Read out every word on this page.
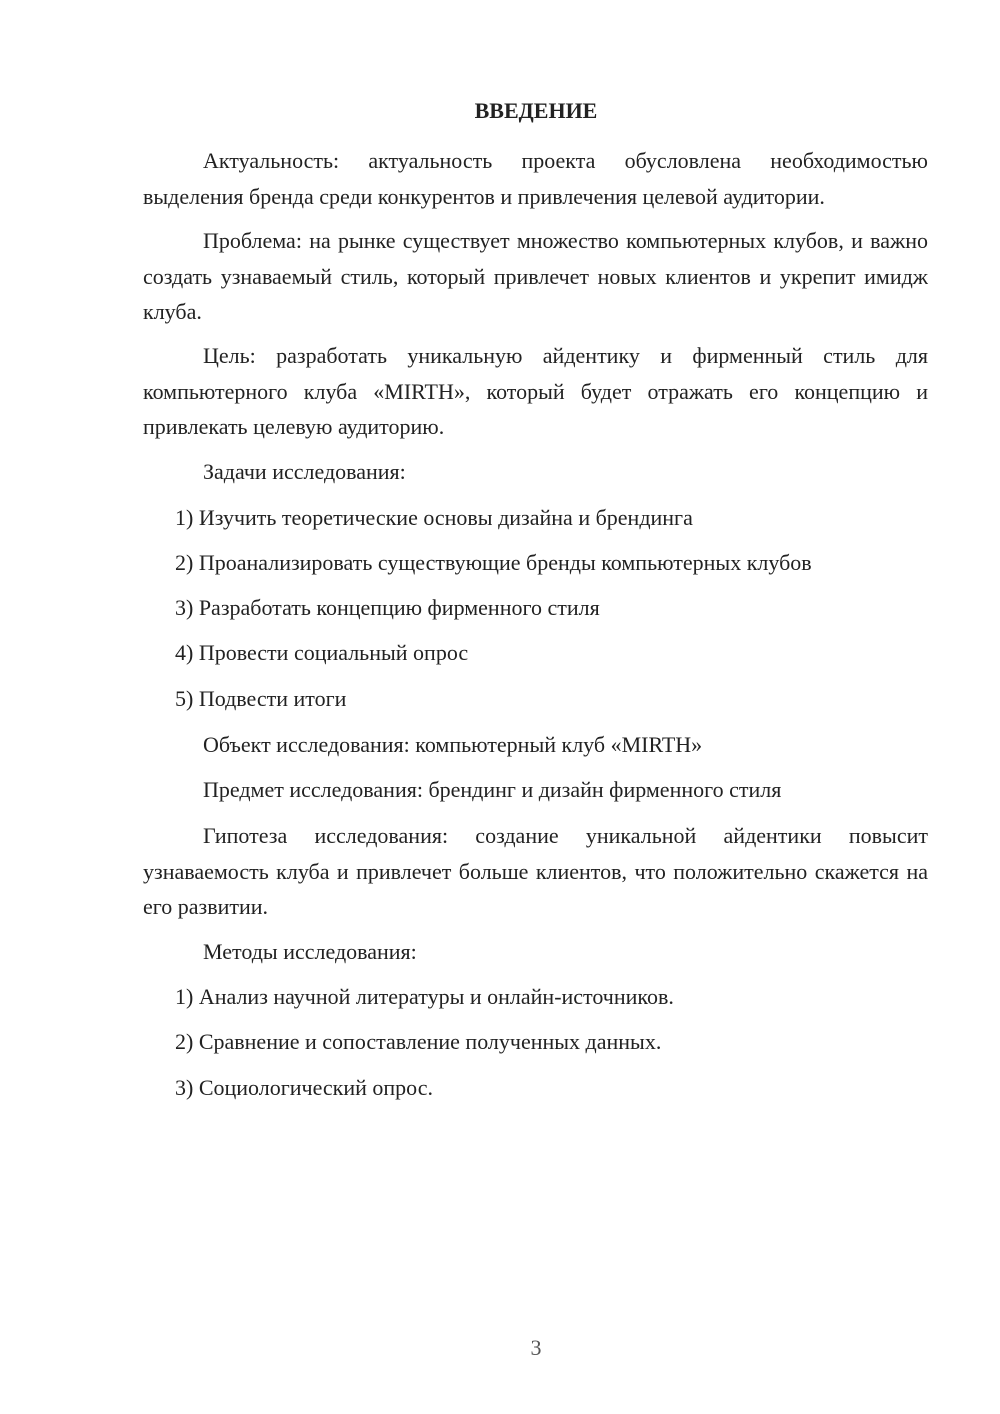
ВВЕДЕНИЕ

Актуальность: актуальность проекта обусловлена необходимостью выделения бренда среди конкурентов и привлечения целевой аудитории.

Проблема: на рынке существует множество компьютерных клубов, и важно создать узнаваемый стиль, который привлечет новых клиентов и укрепит имидж клуба.

Цель: разработать уникальную айдентику и фирменный стиль для компьютерного клуба «MIRTH», который будет отражать его концепцию и привлекать целевую аудиторию.

Задачи исследования:

1) Изучить теоретические основы дизайна и брендинга

2) Проанализировать существующие бренды компьютерных клубов

3) Разработать концепцию фирменного стиля

4) Провести социальный опрос

5) Подвести итоги

Объект исследования: компьютерный клуб «MIRTH»

Предмет исследования: брендинг и дизайн фирменного стиля

Гипотеза исследования: создание уникальной айдентики повысит узнаваемость клуба и привлечет больше клиентов, что положительно скажется на его развитии.

Методы исследования:

1) Анализ научной литературы и онлайн-источников.

2) Сравнение и сопоставление полученных данных.

3) Социологический опрос.

3
